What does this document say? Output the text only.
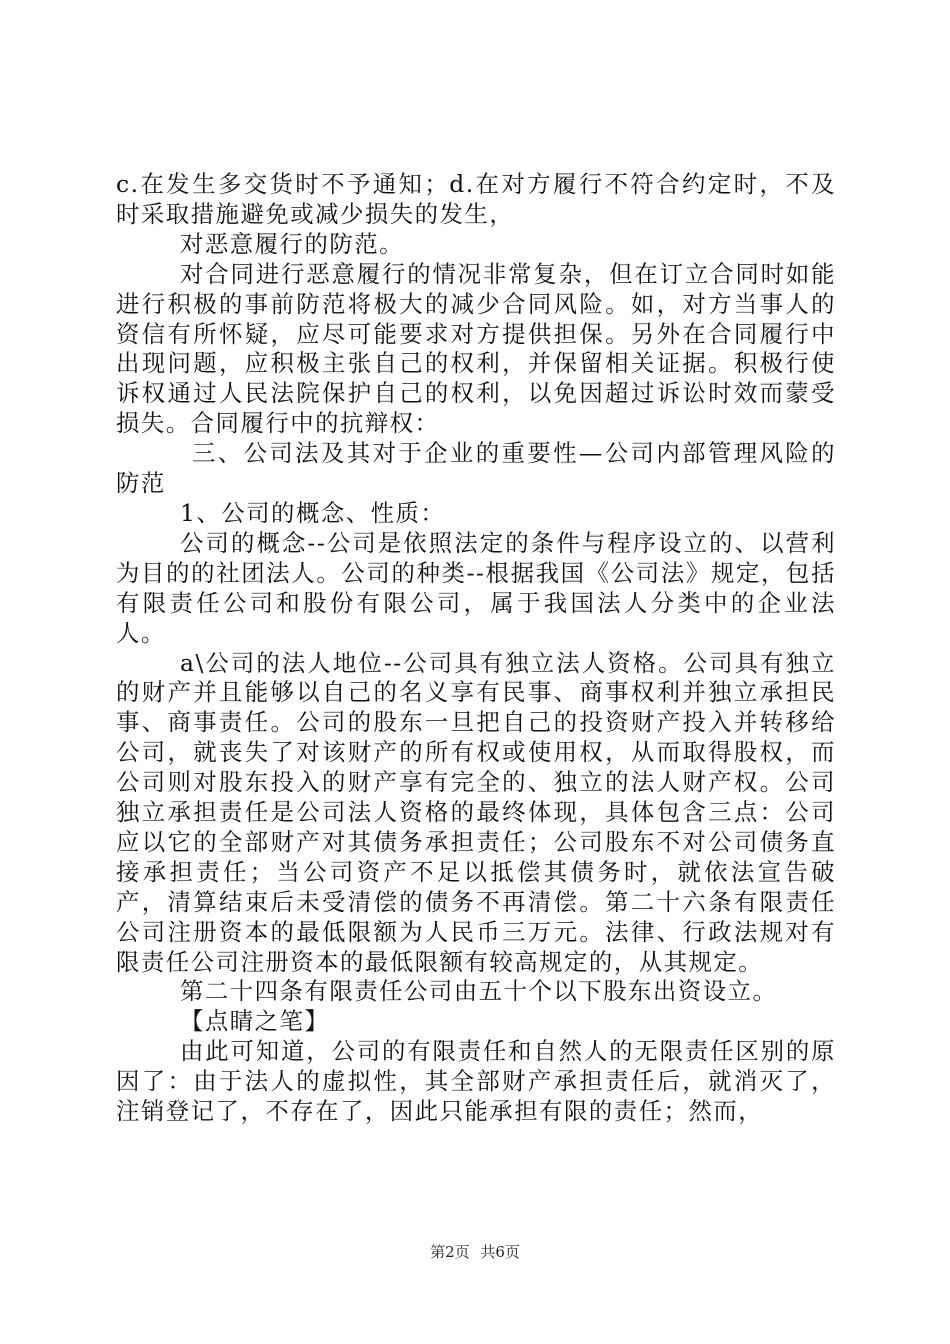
c.在发生多交货时不予通知；d.在对方履行不符合约定时，不及时采取措施避免或减少损失的发生，

对恶意履行的防范。

对合同进行恶意履行的情况非常复杂，但在订立合同时如能进行积极的事前防范将极大的减少合同风险。如，对方当事人的资信有所怀疑，应尽可能要求对方提供担保。另外在合同履行中出现问题，应积极主张自己的权利，并保留相关证据。积极行使诉权通过人民法院保护自己的权利，以免因超过诉讼时效而蒙受损失。合同履行中的抗辩权：

三、公司法及其对于企业的重要性—公司内部管理风险的防范

1、公司的概念、性质：

公司的概念--公司是依照法定的条件与程序设立的、以营利为目的的社团法人。公司的种类--根据我国《公司法》规定，包括有限责任公司和股份有限公司，属于我国法人分类中的企业法人。

a\公司的法人地位--公司具有独立法人资格。公司具有独立的财产并且能够以自己的名义享有民事、商事权利并独立承担民事、商事责任。公司的股东一旦把自己的投资财产投入并转移给公司，就丧失了对该财产的所有权或使用权，从而取得股权，而公司则对股东投入的财产享有完全的、独立的法人财产权。公司独立承担责任是公司法人资格的最终体现，具体包含三点：公司应以它的全部财产对其债务承担责任；公司股东不对公司债务直接承担责任；当公司资产不足以抵偿其债务时，就依法宣告破产，清算结束后未受清偿的债务不再清偿。第二十六条有限责任公司注册资本的最低限额为人民币三万元。法律、行政法规对有限责任公司注册资本的最低限额有较高规定的，从其规定。

第二十四条有限责任公司由五十个以下股东出资设立。

【点睛之笔】

由此可知道，公司的有限责任和自然人的无限责任区别的原因了：由于法人的虚拟性，其全部财产承担责任后，就消灭了，注销登记了，不存在了，因此只能承担有限的责任；然而，

第2页 共6页
